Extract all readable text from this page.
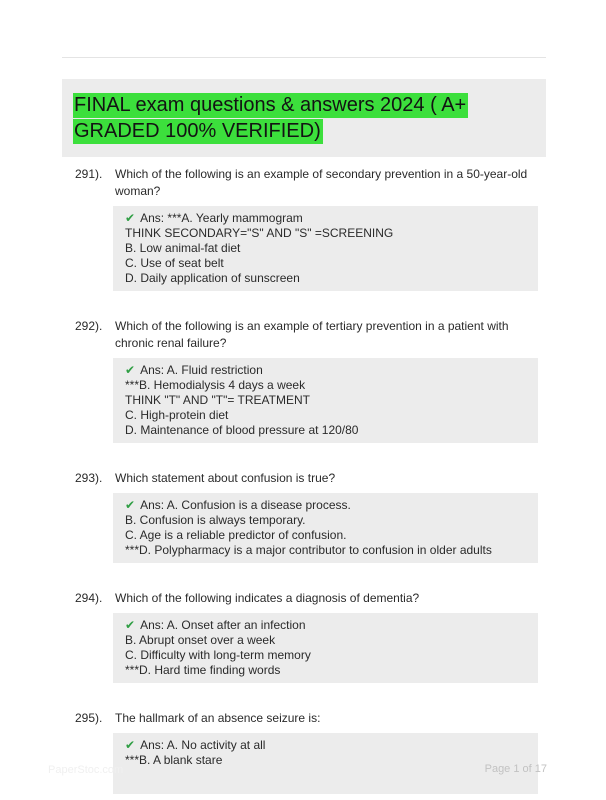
FINAL exam questions & answers 2024 ( A+ GRADED 100% VERIFIED)
291).	Which of the following is an example of secondary prevention in a 50-year-old woman?

✔ Ans: ***A. Yearly mammogram
THINK SECONDARY="S" AND "S" =SCREENING
B. Low animal-fat diet
C. Use of seat belt
D. Daily application of sunscreen
292).	Which of the following is an example of tertiary prevention in a patient with chronic renal failure?

✔ Ans: A. Fluid restriction
***B. Hemodialysis 4 days a week
THINK "T" AND "T"= TREATMENT
C. High-protein diet
D. Maintenance of blood pressure at 120/80
293).	Which statement about confusion is true?

✔ Ans: A. Confusion is a disease process.
B. Confusion is always temporary.
C. Age is a reliable predictor of confusion.
***D. Polypharmacy is a major contributor to confusion in older adults
294).	Which of the following indicates a diagnosis of dementia?

✔ Ans: A. Onset after an infection
B. Abrupt onset over a week
C. Difficulty with long-term memory
***D. Hard time finding words
295).	The hallmark of an absence seizure is:

✔ Ans: A. No activity at all
***B. A blank stare
PaperStoc.com	Page 1 of 17
